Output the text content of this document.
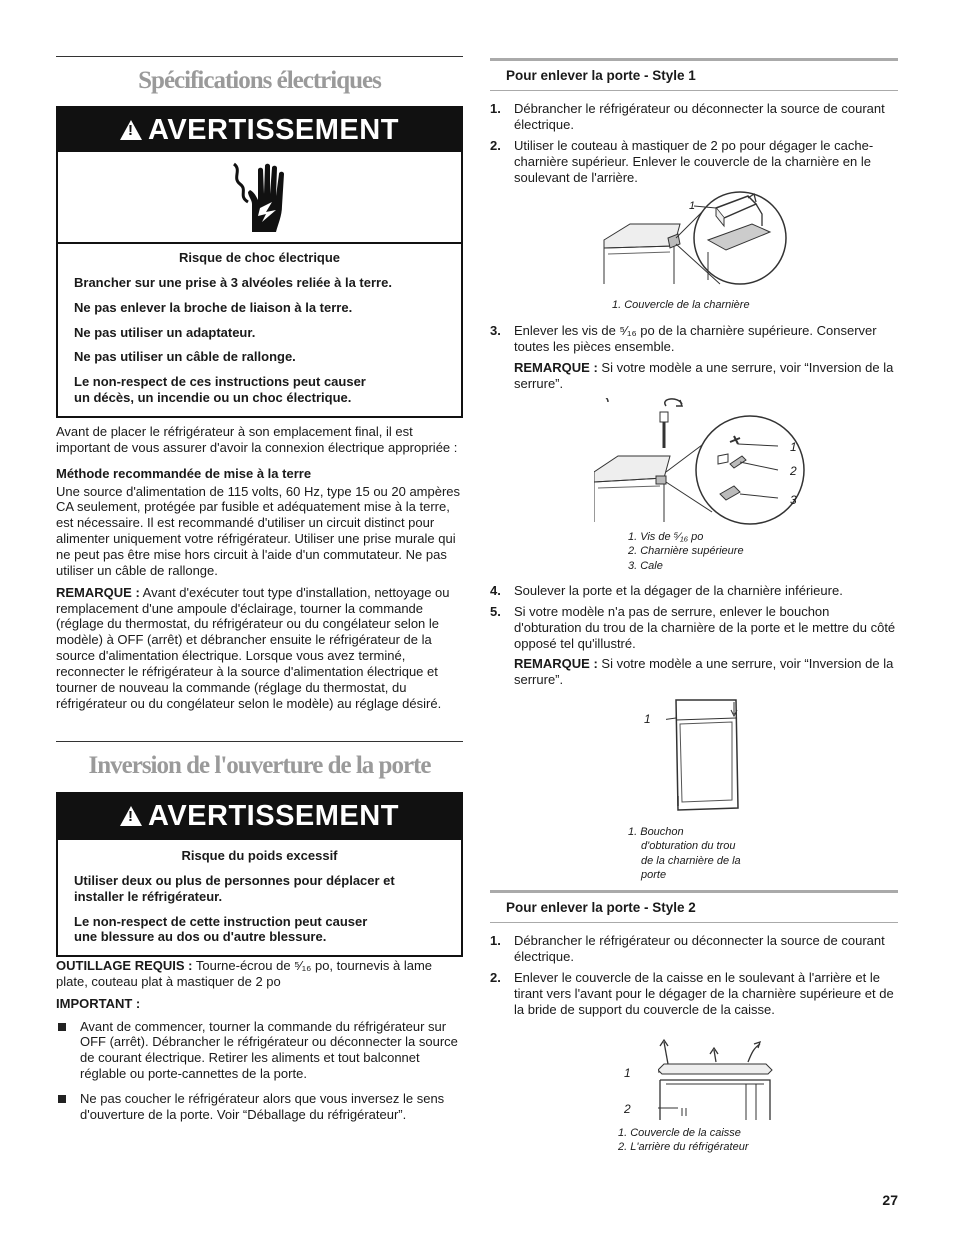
Spécifications électriques
!AVERTISSEMENT
Risque de choc électrique

Brancher sur une prise à 3 alvéoles reliée à la terre.

Ne pas enlever la broche de liaison à la terre.

Ne pas utiliser un adaptateur.

Ne pas utiliser un câble de rallonge.

Le non-respect de ces instructions peut causer un décès, un incendie ou un choc électrique.

Avant de placer le réfrigérateur à son emplacement final, il est important de vous assurer d'avoir la connexion électrique appropriée :

Méthode recommandée de mise à la terre

Une source d'alimentation de 115 volts, 60 Hz, type 15 ou 20 ampères CA seulement, protégée par fusible et adéquatement mise à la terre, est nécessaire. Il est recommandé d'utiliser un circuit distinct pour alimenter uniquement votre réfrigérateur. Utiliser une prise murale qui ne peut pas être mise hors circuit à l'aide d'un commutateur. Ne pas utiliser un câble de rallonge.

REMARQUE : Avant d'exécuter tout type d'installation, nettoyage ou remplacement d'une ampoule d'éclairage, tourner la commande (réglage du thermostat, du réfrigérateur ou du congélateur selon le modèle) à OFF (arrêt) et débrancher ensuite le réfrigérateur de la source d'alimentation électrique. Lorsque vous avez terminé, reconnecter le réfrigérateur à la source d'alimentation électrique et tourner de nouveau la commande (réglage du thermostat, du réfrigérateur ou du congélateur selon le modèle) au réglage désiré.

Inversion de l'ouverture de la porte
!AVERTISSEMENT
Risque du poids excessif

Utiliser deux ou plus de personnes pour déplacer et installer le réfrigérateur.

Le non-respect de cette instruction peut causer une blessure au dos ou d'autre blessure.

OUTILLAGE REQUIS : Tourne-écrou de ⁵⁄₁₆ po, tournevis à lame plate, couteau plat à mastiquer de 2 po

IMPORTANT :

Avant de commencer, tourner la commande du réfrigérateur sur OFF (arrêt). Débrancher le réfrigérateur ou déconnecter la source de courant électrique. Retirer les aliments et tout balconnet réglable ou porte-cannettes de la porte.
Ne pas coucher le réfrigérateur alors que vous inversez le sens d'ouverture de la porte. Voir “Déballage du réfrigérateur”.
Pour enlever la porte - Style 1
1. Débrancher le réfrigérateur ou déconnecter la source de courant électrique.
2. Utiliser le couteau à mastiquer de 2 po pour dégager le cache-charnière supérieur. Enlever le couvercle de la charnière en le soulevant de l'arrière.
1
1. Couvercle de la charnière
3. Enlever les vis de ⁵⁄₁₆ po de la charnière supérieure. Conserver toutes les pièces ensemble.

REMARQUE : Si votre modèle a une serrure, voir “Inversion de la serrure”.

1
2
3
1. Vis de ⁵⁄₁₆ po
2. Charnière supérieure
3. Cale
4. Soulever la porte et la dégager de la charnière inférieure.
5. Si votre modèle n'a pas de serrure, enlever le bouchon d'obturation du trou de la charnière de la porte et le mettre du côté opposé tel qu'illustré.

REMARQUE : Si votre modèle a une serrure, voir “Inversion de la serrure”.

1
1. Bouchon
d'obturation du trou
de la charnière de la
porte
Pour enlever la porte - Style 2
1. Débrancher le réfrigérateur ou déconnecter la source de courant électrique.
2. Enlever le couvercle de la caisse en le soulevant à l'arrière et le tirant vers l'avant pour le dégager de la charnière supérieure et de la bride de support du couvercle de la caisse.
1
2
1. Couvercle de la caisse
2. L'arrière du réfrigérateur
27
